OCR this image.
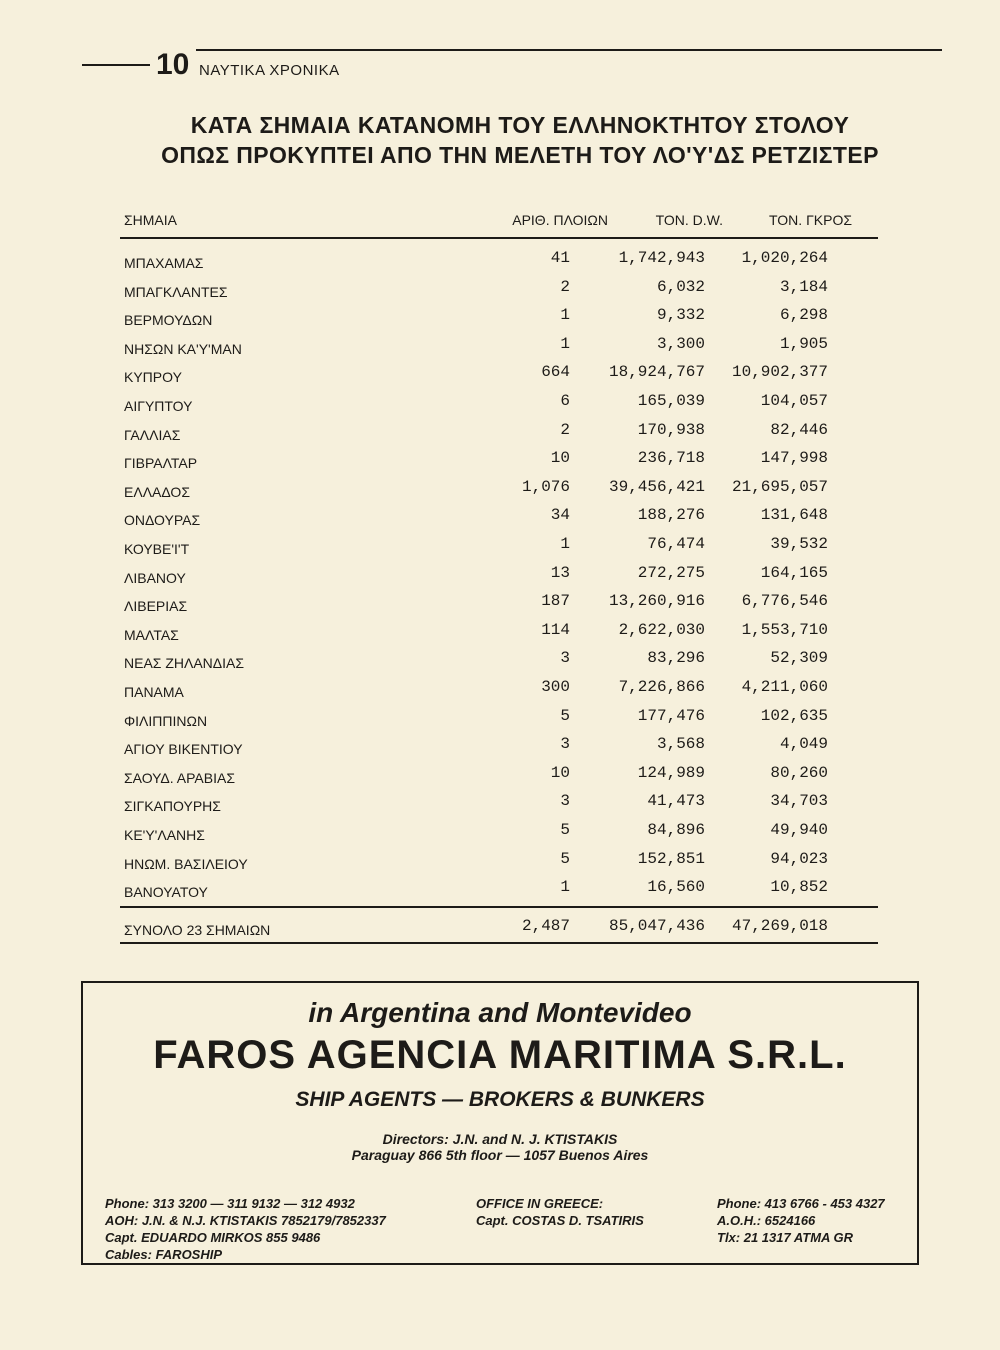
10 ΝΑΥΤΙΚΑ ΧΡΟΝΙΚΑ
ΚΑΤΑ ΣΗΜΑΙΑ ΚΑΤΑΝΟΜΗ ΤΟΥ ΕΛΛΗΝΟΚΤΗΤΟΥ ΣΤΟΛΟΥ
ΟΠΩΣ ΠΡΟΚΥΠΤΕΙ ΑΠΟ ΤΗΝ ΜΕΛΕΤΗ ΤΟΥ ΛΟ'Υ'ΔΣ ΡΕΤΖΙΣΤΕΡ
ΣΗΜΑΙΑ	ΑΡΙΘ. ΠΛΟΙΩΝ	ΤΟΝ. D.W.	ΤΟΝ. ΓΚΡΟΣ
ΜΠΑΧΑΜΑΣ	41	1,742,943 1,020,264
ΜΠΑΓΚΛΑΝΤΕΣ	2	6,032	3,184
ΒΕΡΜΟΥΔΩΝ	1	9,332	6,298
ΝΗΣΩΝ ΚΑ'Υ'ΜΑΝ	1	3,300	1,905
ΚΥΠΡΟΥ	664 18,924,767 10,902,377
ΑΙΓΥΠΤΟΥ	6	165,039	104,057
ΓΑΛΛΙΑΣ	2	170,938	82,446
ΓΙΒΡΑΛΤΑΡ	10	236,718	147,998
ΕΛΛΑΔΟΣ	1,076 39,456,421 21,695,057
ΟΝΔΟΥΡΑΣ	34	188,276	131,648
ΚΟΥΒΕ'Ι'Τ	1	76,474	39,532
ΛΙΒΑΝΟΥ	13	272,275	164,165
ΛΙΒΕΡΙΑΣ	187 13,260,916 6,776,546
ΜΑΛΤΑΣ	114	2,622,030 1,553,710
ΝΕΑΣ ΖΗΛΑΝΔΙΑΣ	3	83,296	52,309
ΠΑΝΑΜΑ	300	7,226,866 4,211,060
ΦΙΛΙΠΠΙΝΩΝ	5	177,476	102,635
ΑΓΙΟΥ ΒΙΚΕΝΤΙΟΥ	3	3,568	4,049
ΣΑΟΥΔ. ΑΡΑΒΙΑΣ	10	124,989	80,260
ΣΙΓΚΑΠΟΥΡΗΣ	3	41,473	34,703
ΚΕ'Υ'ΛΑΝΗΣ	5	84,896	49,940
ΗΝΩΜ. ΒΑΣΙΛΕΙΟΥ	5	152,851	94,023
ΒΑΝΟΥΑΤΟΥ	1	16,560	10,852
ΣΥΝΟΛΟ 23 ΣΗΜΑΙΩΝ	2,487 85,047,436 47,269,018
in Argentina and Montevideo
FAROS AGENCIA MARITIMA S.R.L.
SHIP AGENTS — BROKERS & BUNKERS
Directors: J.N. and N. J. KTISTAKIS
Paraguay 866 5th floor — 1057 Buenos Aires
Phone: 313 3200 — 311 9132 — 312 4932
AOH: J.N. & N.J. KTISTAKIS 7852179/7852337
Capt. EDUARDO MIRKOS 855 9486
Cables: FAROSHIP
OFFICE IN GREECE:
Capt. COSTAS D. TSATIRIS
Phone: 413 6766 - 453 4327
A.O.H.: 6524166
Tlx: 21 1317 ATMA GR
